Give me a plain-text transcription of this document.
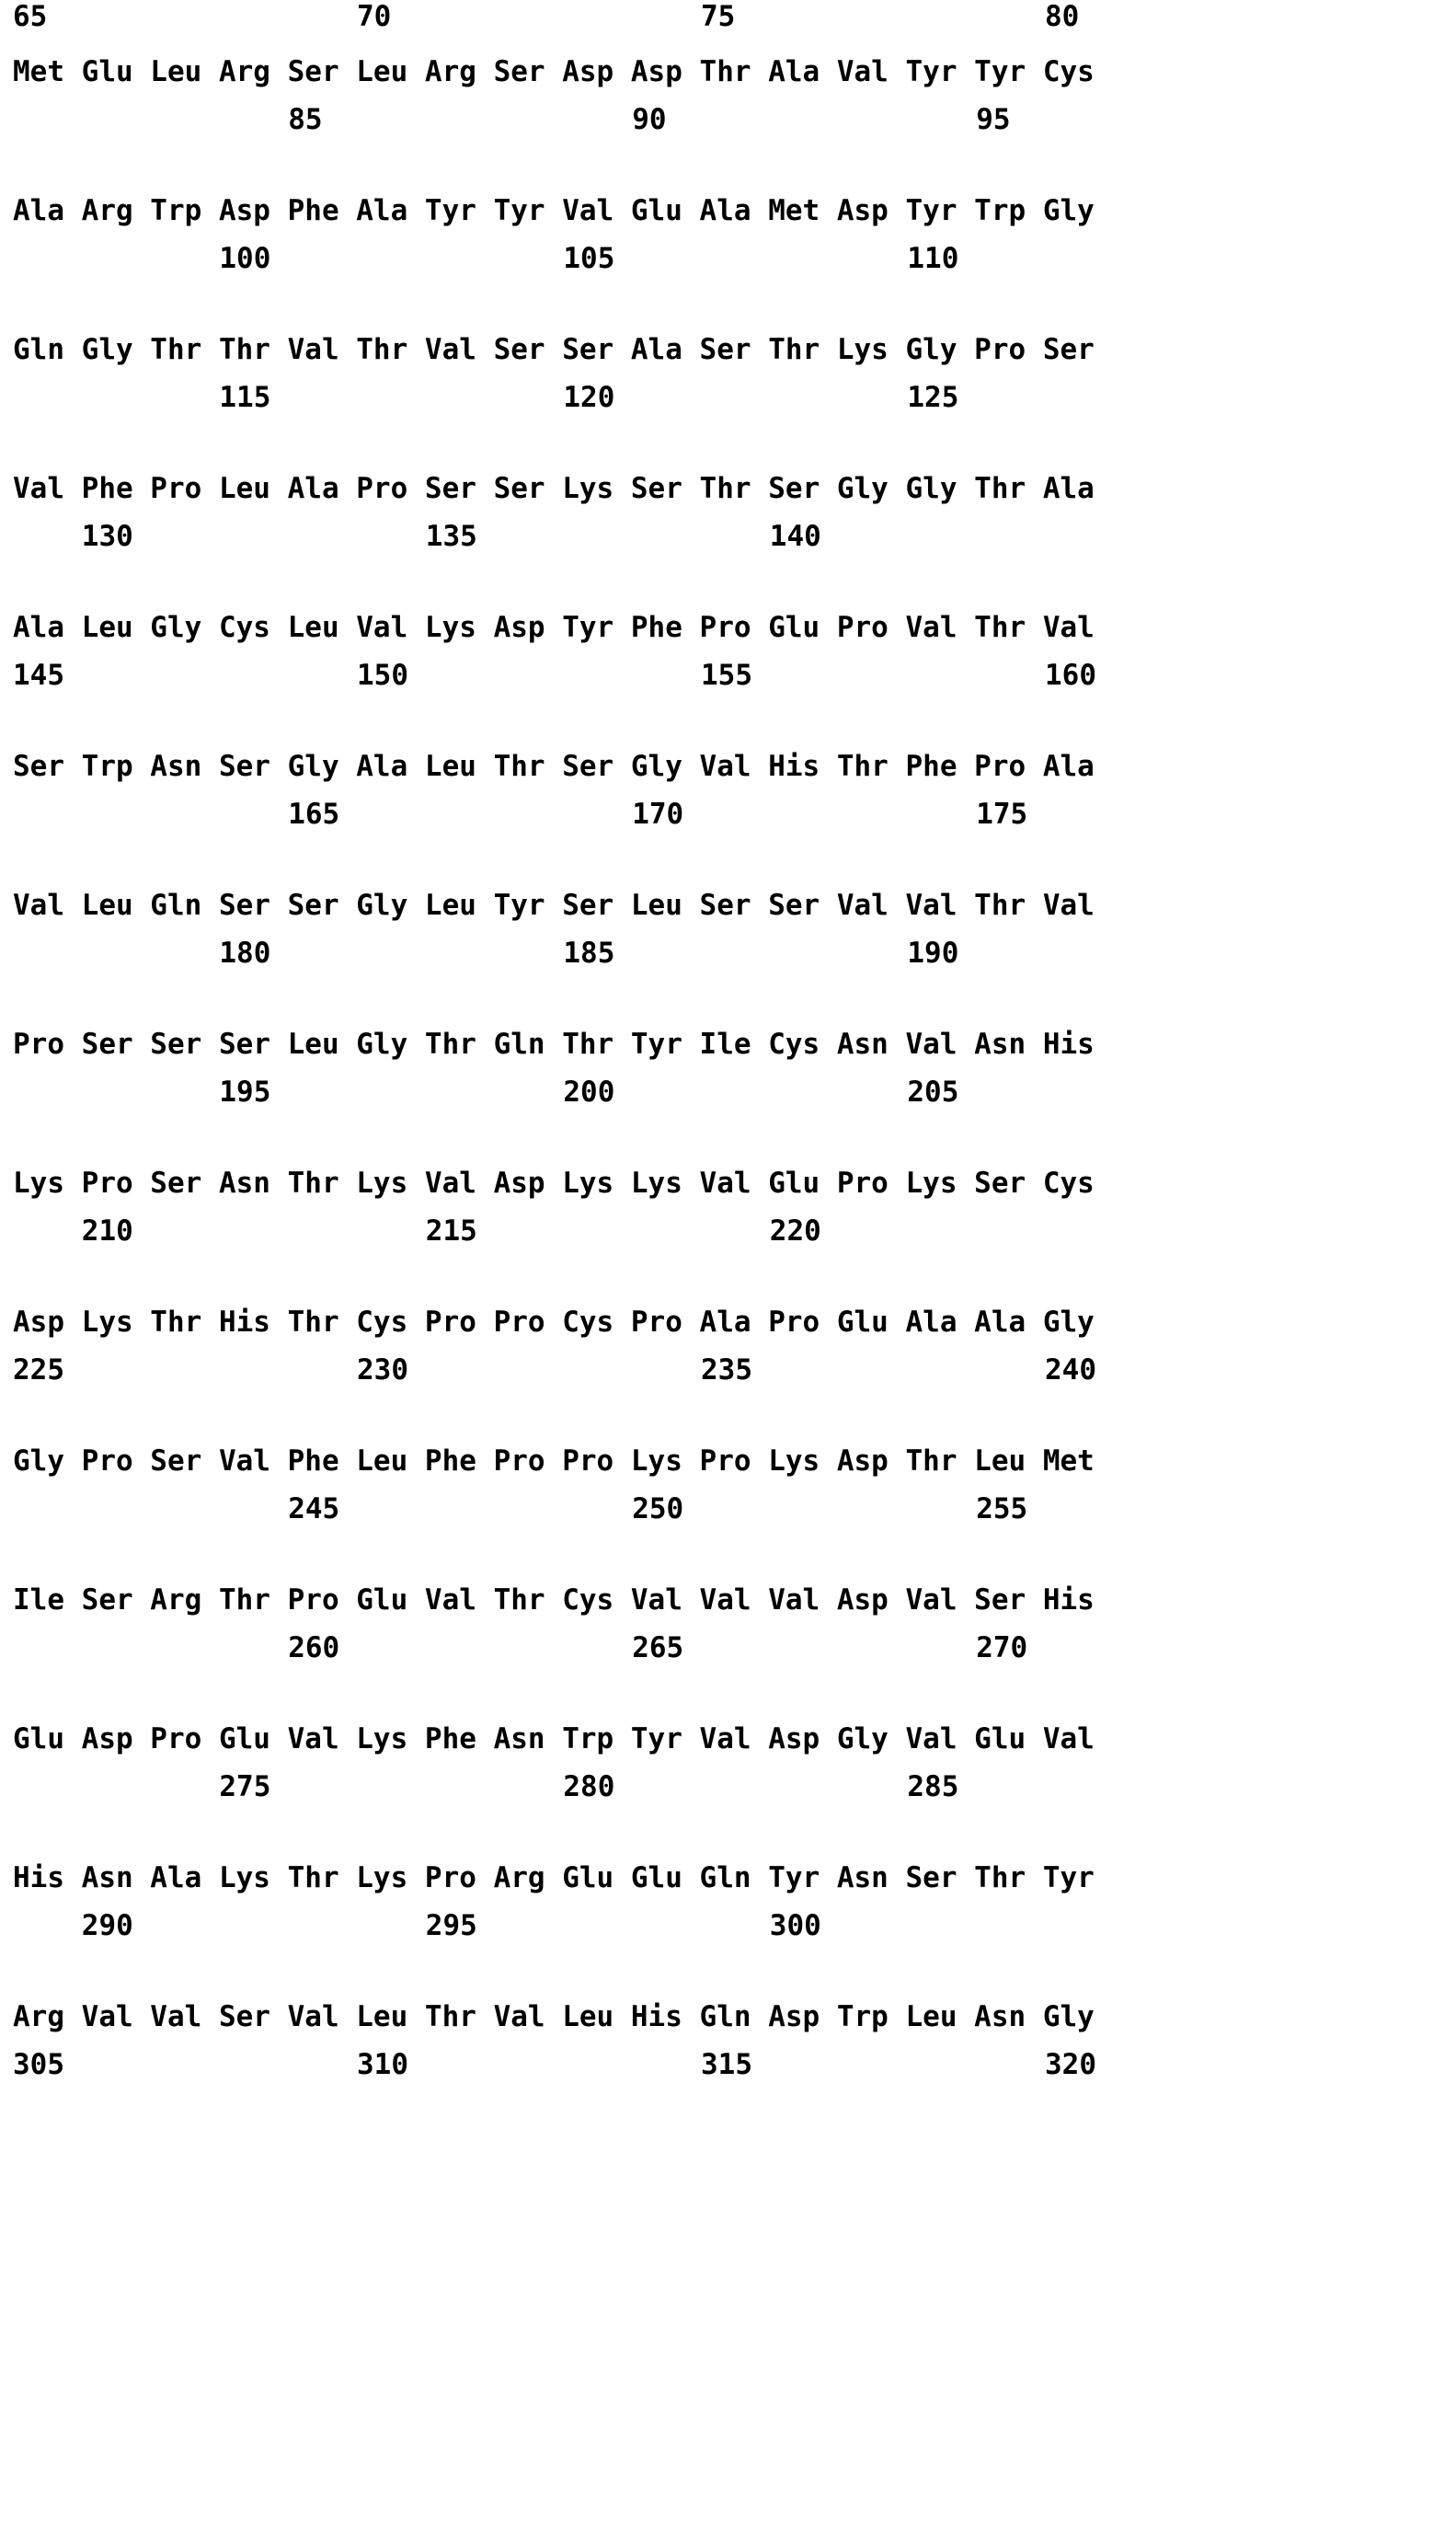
65	70	75	80
Met Glu Leu Arg Ser Leu Arg Ser Asp Asp Thr Ala Val Tyr Tyr Cys
85	90	95
Ala Arg Trp Asp Phe Ala Tyr Tyr Val Glu Ala Met Asp Tyr Trp Gly
100	105	110
Gln Gly Thr Thr Val Thr Val Ser Ser Ala Ser Thr Lys Gly Pro Ser
115	120	125
Val Phe Pro Leu Ala Pro Ser Ser Lys Ser Thr Ser Gly Gly Thr Ala
130	135	140
Ala Leu Gly Cys Leu Val Lys Asp Tyr Phe Pro Glu Pro Val Thr Val
145	150	155	160
Ser Trp Asn Ser Gly Ala Leu Thr Ser Gly Val His Thr Phe Pro Ala
165	170	175
Val Leu Gln Ser Ser Gly Leu Tyr Ser Leu Ser Ser Val Val Thr Val
180	185	190
Pro Ser Ser Ser Leu Gly Thr Gln Thr Tyr Ile Cys Asn Val Asn His
195	200	205
Lys Pro Ser Asn Thr Lys Val Asp Lys Lys Val Glu Pro Lys Ser Cys
210	215	220
Asp Lys Thr His Thr Cys Pro Pro Cys Pro Ala Pro Glu Ala Ala Gly
225	230	235	240
Gly Pro Ser Val Phe Leu Phe Pro Pro Lys Pro Lys Asp Thr Leu Met
245	250	255
Ile Ser Arg Thr Pro Glu Val Thr Cys Val Val Val Asp Val Ser His
260	265	270
Glu Asp Pro Glu Val Lys Phe Asn Trp Tyr Val Asp Gly Val Glu Val
275	280	285
His Asn Ala Lys Thr Lys Pro Arg Glu Glu Gln Tyr Asn Ser Thr Tyr
290	295	300
Arg Val Val Ser Val Leu Thr Val Leu His Gln Asp Trp Leu Asn Gly
305	310	315	320
